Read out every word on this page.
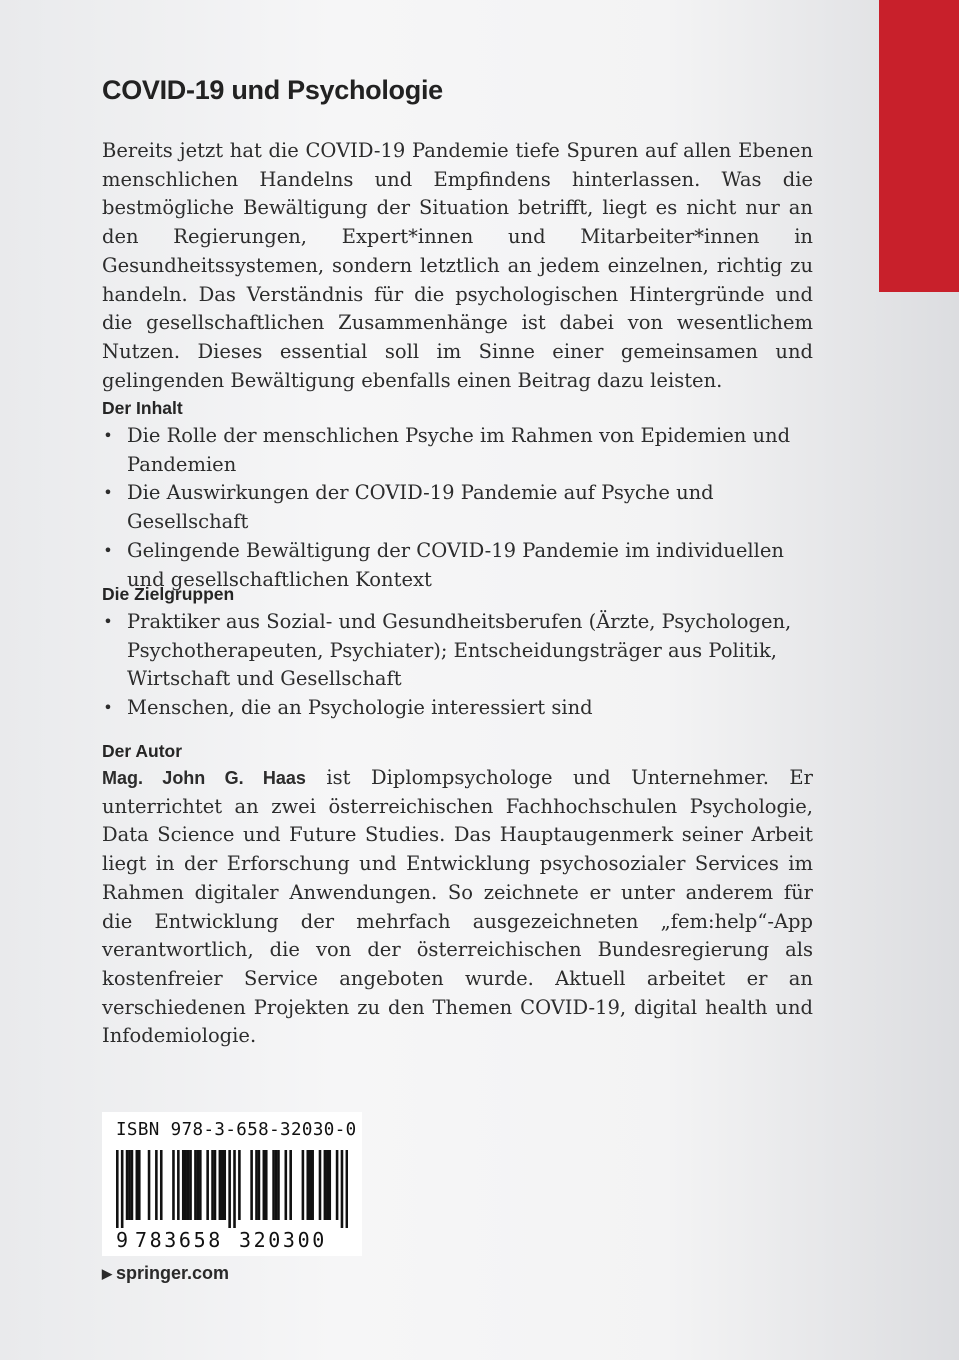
COVID-19 und Psychologie

Bereits jetzt hat die COVID-19 Pandemie tiefe Spuren auf allen Ebenen menschlichen Handelns und Empfindens hinterlassen. Was die bestmögliche Bewältigung der Situation betrifft, liegt es nicht nur an den Regierungen, Expert*innen und Mitarbeiter*innen in Gesundheitssystemen, sondern letztlich an jedem einzelnen, richtig zu handeln. Das Verständnis für die psychologischen Hintergründe und die gesellschaftlichen Zusammenhänge ist dabei von wesentlichem Nutzen. Dieses essential soll im Sinne einer gemeinsamen und gelingenden Bewältigung ebenfalls einen Beitrag dazu leisten.

Der Inhalt
• Die Rolle der menschlichen Psyche im Rahmen von Epidemien und Pandemien
• Die Auswirkungen der COVID-19 Pandemie auf Psyche und Gesellschaft
• Gelingende Bewältigung der COVID-19 Pandemie im individuellen und gesellschaftlichen Kontext
Die Zielgruppen
• Praktiker aus Sozial- und Gesundheitsberufen (Ärzte, Psychologen, Psychotherapeuten, Psychiater); Entscheidungsträger aus Politik, Wirtschaft und Gesellschaft
• Menschen, die an Psychologie interessiert sind
Der Autor

Mag. John G. Haas ist Diplompsychologe und Unternehmer. Er unterrichtet an zwei österreichischen Fachhochschulen Psychologie, Data Science und Future Studies. Das Hauptaugenmerk seiner Arbeit liegt in der Erforschung und Entwicklung psychosozialer Services im Rahmen digitaler Anwendungen. So zeichnete er unter anderem für die Entwicklung der mehrfach ausgezeichneten „fem:help“-App verantwortlich, die von der österreichischen Bundesregierung als kostenfreier Service angeboten wurde. Aktuell arbeitet er an verschiedenen Projekten zu den Themen COVID-19, digital health und Infodemiologie.

ISBN 978-3-658-32030-0
9 783658 320300

▶ springer.com
